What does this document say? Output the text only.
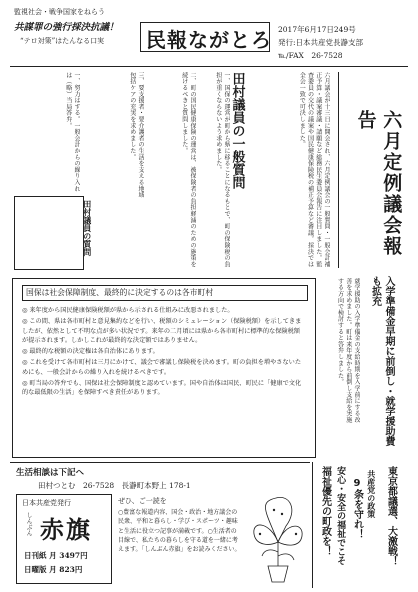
監視社会・戦争国家をねらう
共謀罪の強行採決抗議！
“テロ対策”はたんなる口実 民報ながとろ 2017年6月17日249号
発行:日本共産党長瀞支部
℡/FAX　26-7528
六月議会が十三日に開会され、六月定例議会の一般質問・一般会計補正予算・議案審議・請願など総務民生委員会報告に注目しました。監査委員の交代の議案や国民健康保険税の補正予算など審議。採決では全会一致で可決しました。
六月定例議会報告
一、国保の運営が町から県に移ることになるもとで、町の保険税の負担が重くならないよう求めました。 田村議員の一般質問
二、町の国民健康保険の運営は、被保険者の負担軽減のための施策を続けるべきと質問しました。
三、要支援者・要介護者の生活を支える地域包括ケアの充実を求めました。
田村議員の質問
一、努力はする。一般会計からの繰り入れは（略）当局答弁。
就学援助の入学準備金の支給時期を入学前にする改善を求めました。町は来年度から前倒し支給を実施する方向で検討すると答弁しました。	入学準備金早期に前倒し・就学援助費も拡充
国保は社会保障制度、最終的に決定するのは各市町村
◎ 来年度から国民健康保険税額が県から示される仕組みに改悪されました。
◎ この間、県は各市町村と意見集約などを行い、税額のシミュレーション（保険税額）を示してきましたが、依然として不明な点が多い状況です。来年の二月頃には県から各市町村に標準的な保険税額が提示されます。しかしこれが最終的な決定額ではありません。
◎ 最終的な税額の決定権は各自治体にあります。
◎ これを受けて各市町村は三月にかけて、議会で審議し保険税を決めます。町の負担を増やさないためにも、一般会計からの繰り入れを続けるべきです。
◎ 町当局の答弁でも、国保は社会保障制度と認めています。国や自治体は国民、町民に「健康で文化的な最低限の生活」を保障すべき責任があります。
生活相談は下記へ
田村つとむ　26-7528　長瀞町本野上 178-1
日本共産党発行
しんぶん 赤旗
日刊紙 月 3497円
日曜版 月 823円
ぜひ、ご一読を
○豊富な報道内容、国会・政治・地方議会の民衆、平和と暮らし・学び・スポーツ・趣味と生活に役立つ記事が満載です。○生活者の目線で、私たちの暮らしを守る道を一緒に考えます。「しんぶん赤旗」をお読みください。	福祉優先の町政を！ 安心・安全の福祉でこそ 9条を守れ！ 共産党の政策 東京都議選、大激戦！
